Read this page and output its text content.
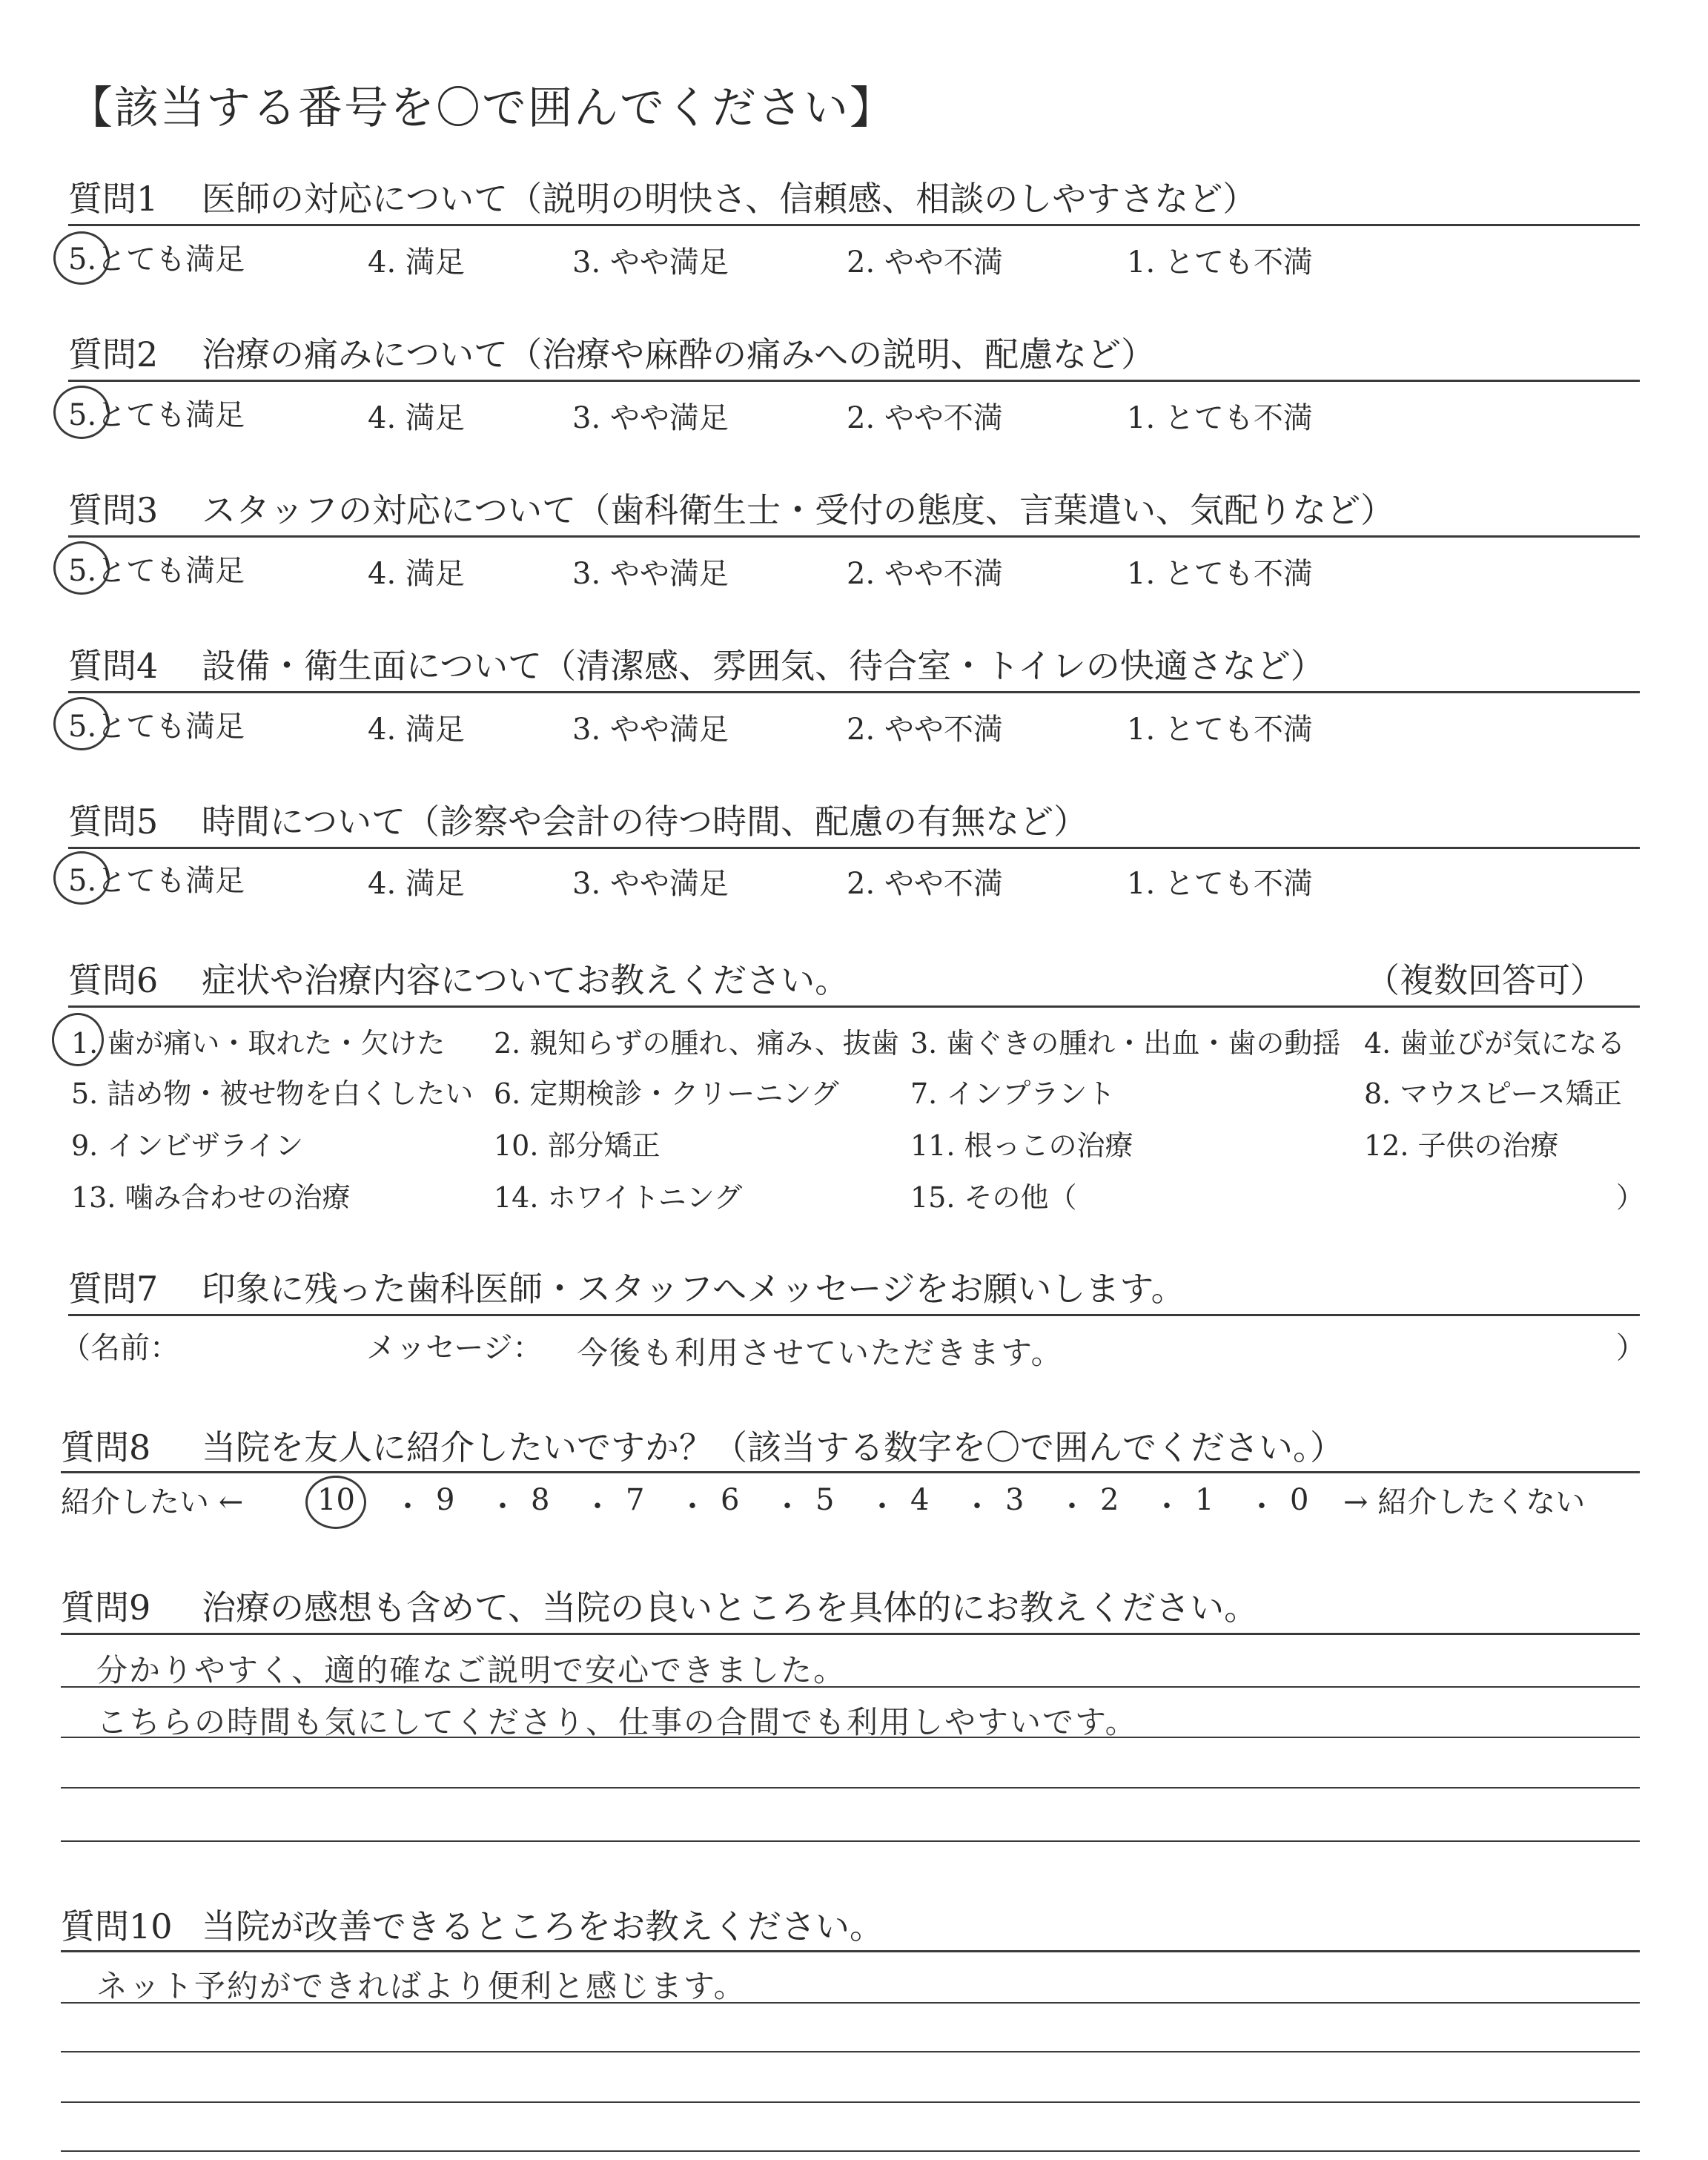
【該当する番号を〇で囲んでください】
質問1 医師の対応について（説明の明快さ、信頼感、相談のしやすさなど）
5.とても満足	4. 満足	3. やや満足	2. やや不満	1. とても不満
質問2 治療の痛みについて（治療や麻酔の痛みへの説明、配慮など）
5.とても満足	4. 満足	3. やや満足	2. やや不満	1. とても不満
質問3 スタッフの対応について（歯科衛生士・受付の態度、言葉遣い、気配りなど）
5.とても満足	4. 満足	3. やや満足	2. やや不満	1. とても不満
質問4 設備・衛生面について（清潔感、雰囲気、待合室・トイレの快適さなど）
5.とても満足	4. 満足	3. やや満足	2. やや不満	1. とても不満
質問5 時間について（診察や会計の待つ時間、配慮の有無など）
5.とても満足	4. 満足	3. やや満足	2. やや不満	1. とても不満
質問6 症状や治療内容についてお教えください。	（複数回答可）
1. 歯が痛い・取れた・欠けた 2. 親知らずの腫れ、痛み、抜歯 3. 歯ぐきの腫れ・出血・歯の動揺 4. 歯並びが気になる
5. 詰め物・被せ物を白くしたい 6. 定期検診・クリーニング	7. インプラント	8. マウスピース矯正
9. インビザライン	10. 部分矯正	11. 根っこの治療	12. 子供の治療
13. 噛み合わせの治療	14. ホワイトニング	15. その他（	）
質問7 印象に残った歯科医師・スタッフへメッセージをお願いします。
（名前：	メッセージ： 今後も利用させていただきます。	）
質問8 当院を友人に紹介したいですか？（該当する数字を〇で囲んでください。）
紹介したい ← 10 ・ 9 ・ 8 ・ 7 ・ 6 ・ 5 ・ 4 ・ 3 ・ 2 ・ 1 ・ 0 → 紹介したくない
質問9 治療の感想も含めて、当院の良いところを具体的にお教えください。
分かりやすく、適的確なご説明で安心できました。
こちらの時間も気にしてくださり、仕事の合間でも利用しやすいです。
質問10 当院が改善できるところをお教えください。
ネット予約ができればより便利と感じます。
